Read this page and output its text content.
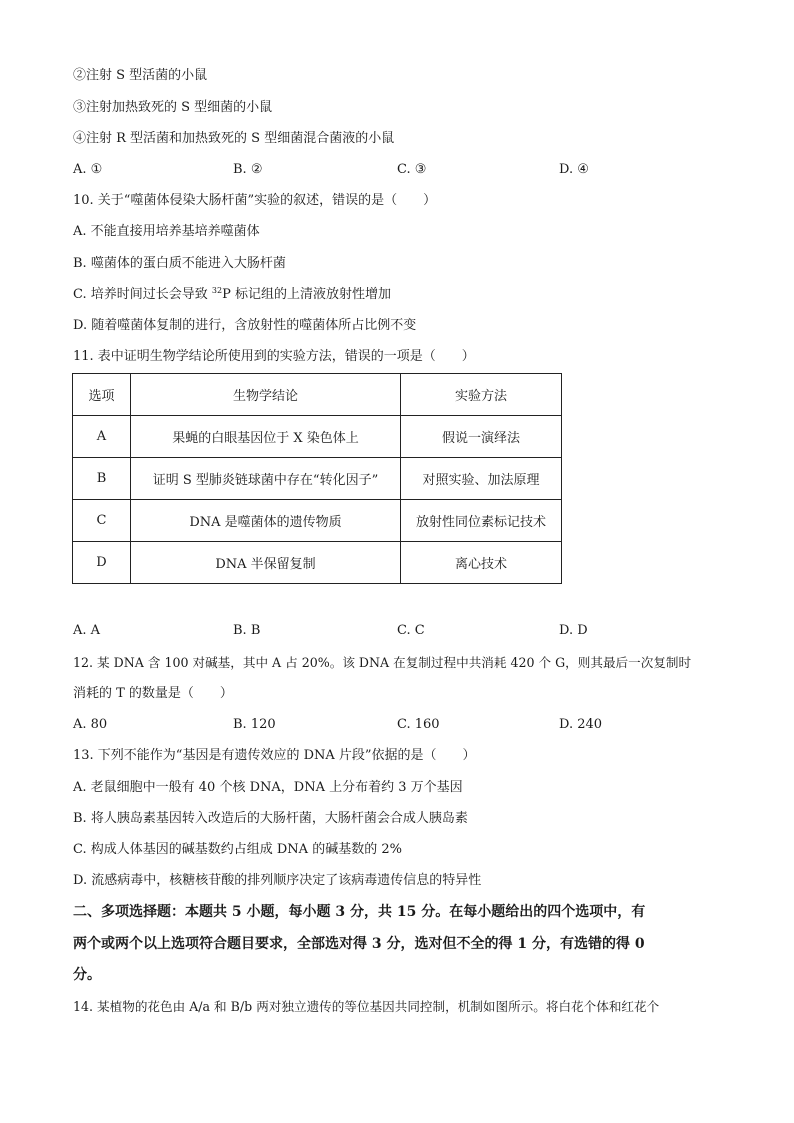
②注射 S 型活菌的小鼠
③注射加热致死的 S 型细菌的小鼠
④注射 R 型活菌和加热致死的 S 型细菌混合菌液的小鼠
A. ①	B. ②	C. ③	D. ④
10. 关于“噬菌体侵染大肠杆菌”实验的叙述，错误的是（　　）
A. 不能直接用培养基培养噬菌体
B. 噬菌体的蛋白质不能进入大肠杆菌
C. 培养时间过长会导致 $^{32}$P 标记组的上清液放射性增加
D. 随着噬菌体复制的进行，含放射性的噬菌体所占比例不变
11. 表中证明生物学结论所使用到的实验方法，错误的一项是（　　）
选项	生物学结论	实验方法
A	果蝇的白眼基因位于 X 染色体上	假说一演绎法
B	证明 S 型肺炎链球菌中存在“转化因子”	对照实验、加法原理
C	DNA 是噬菌体的遗传物质	放射性同位素标记技术
D	DNA 半保留复制	离心技术
A. A	B. B	C. C	D. D
12. 某 DNA 含 100 对碱基，其中 A 占 20%。该 DNA 在复制过程中共消耗 420 个 G，则其最后一次复制时
消耗的 T 的数量是（　　）
A. 80	B. 120	C. 160	D. 240
13. 下列不能作为“基因是有遗传效应的 DNA 片段”依据的是（　　）
A. 老鼠细胞中一般有 40 个核 DNA，DNA 上分布着约 3 万个基因
B. 将人胰岛素基因转入改造后的大肠杆菌，大肠杆菌会合成人胰岛素
C. 构成人体基因的碱基数约占组成 DNA 的碱基数的 2%
D. 流感病毒中，核糖核苷酸的排列顺序决定了该病毒遗传信息的特异性
二、多项选择题：本题共 5 小题，每小题 3 分，共 15 分。在每小题给出的四个选项中，有
两个或两个以上选项符合题目要求，全部选对得 3 分，选对但不全的得 1 分，有选错的得 0
分。
14. 某植物的花色由 A/a 和 B/b 两对独立遗传的等位基因共同控制，机制如图所示。将白花个体和红花个
